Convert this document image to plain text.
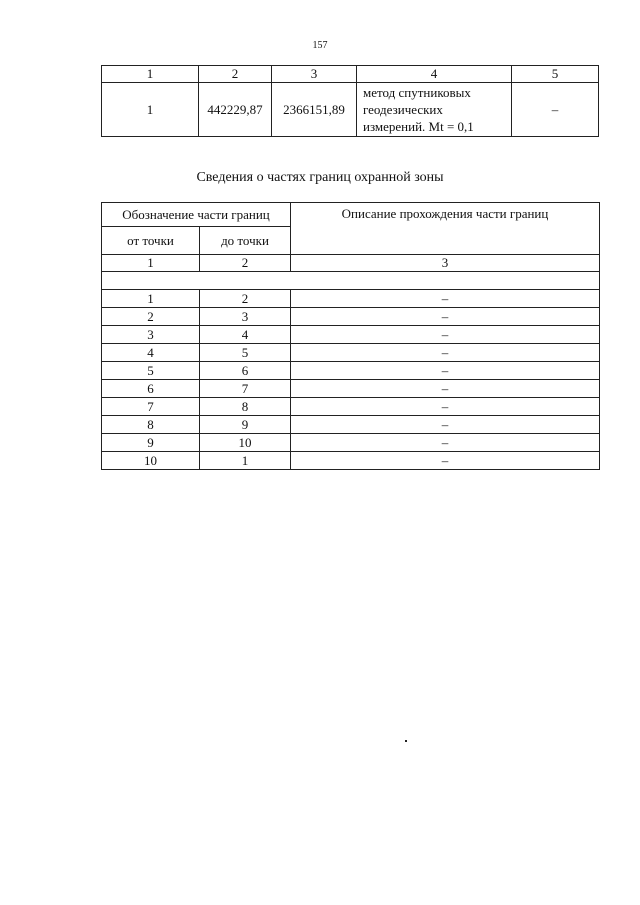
157
1	2	3	4	5
1	442229,87	2366151,89	метод спутниковых
геодезических
измерений. Mt = 0,1	–
Сведения о частях границ охранной зоны
Обозначение части границ		Описание прохождения части границ
от точки	до точки	
1	2	3

1	2	–
2	3	–
3	4	–
4	5	–
5	6	–
6	7	–
7	8	–
8	9	–
9	10	–
10	1	–
